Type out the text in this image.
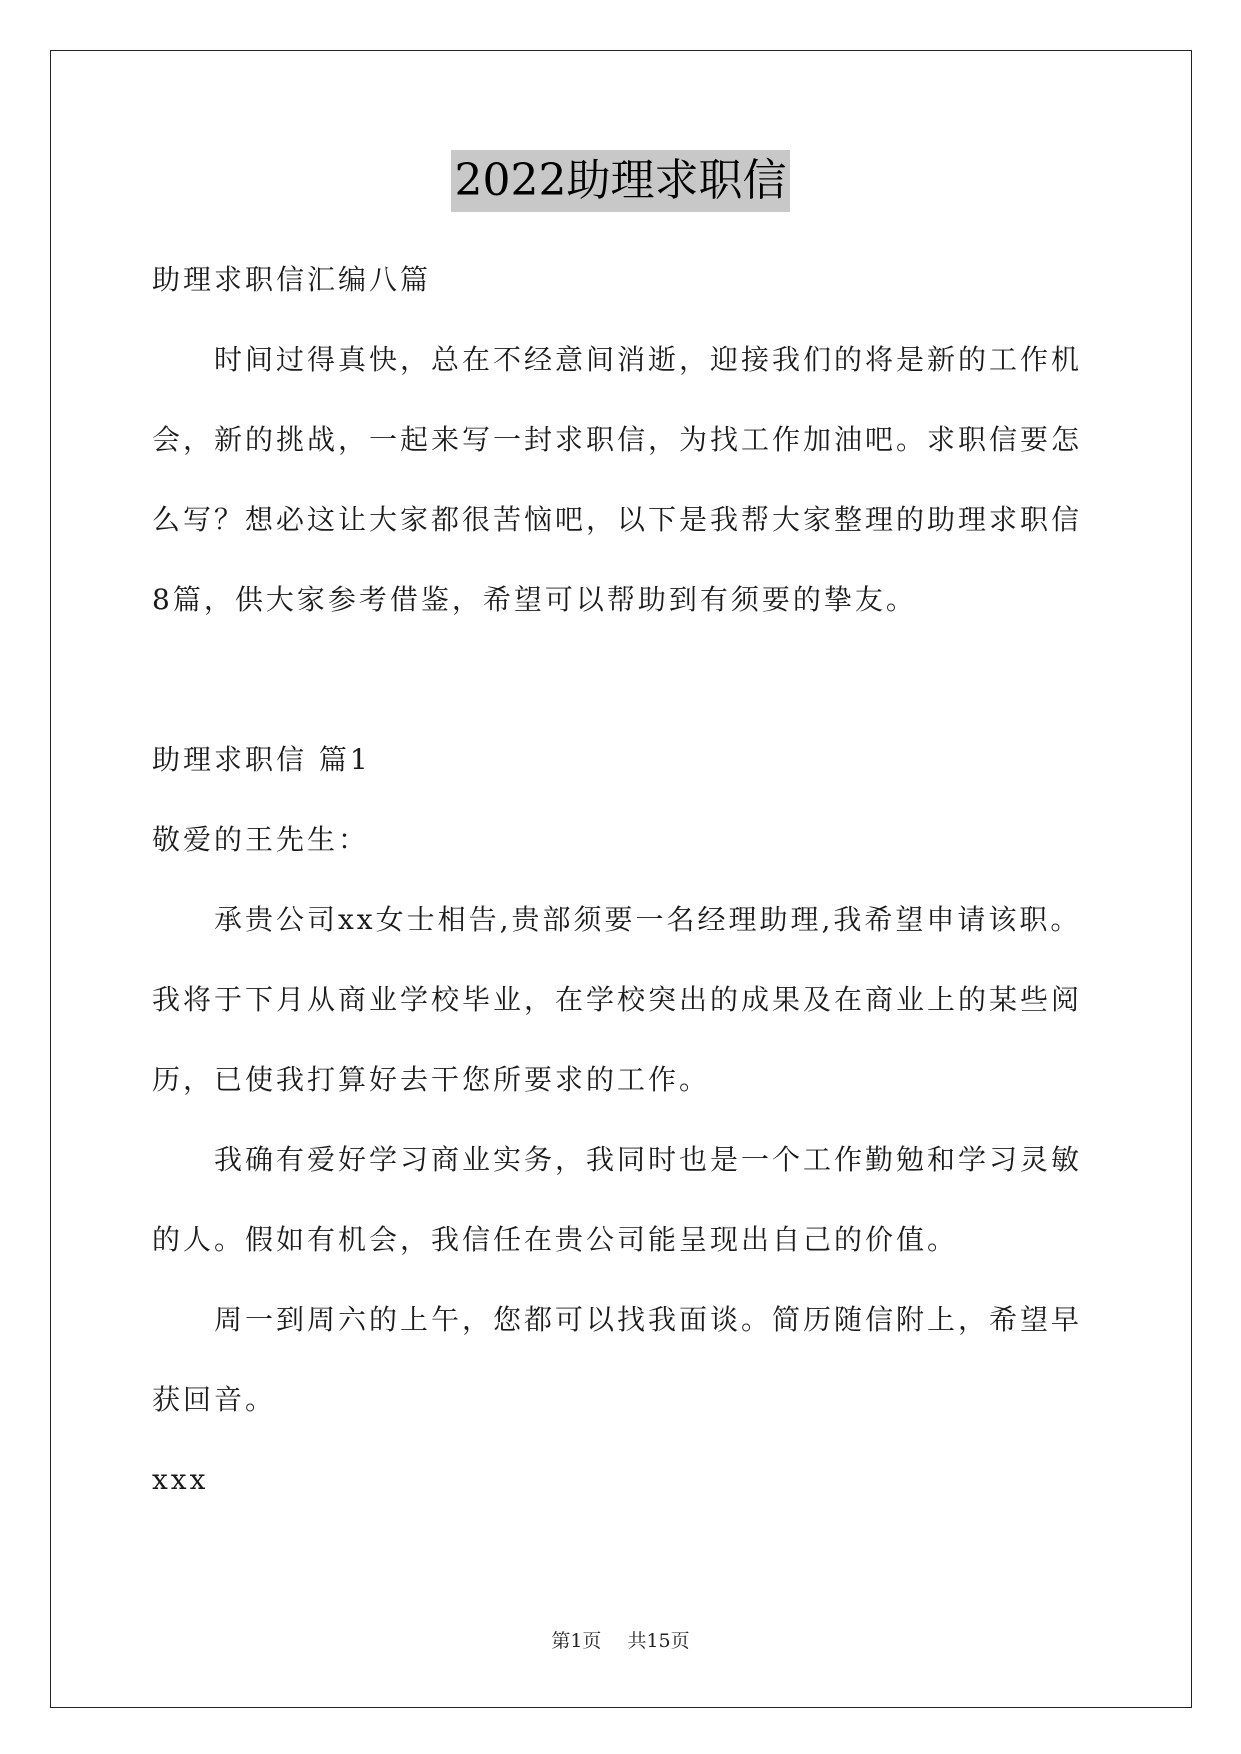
2022助理求职信
助理求职信汇编八篇
时间过得真快，总在不经意间消逝，迎接我们的将是新的工作机
会，新的挑战，一起来写一封求职信，为找工作加油吧。求职信要怎
么写？想必这让大家都很苦恼吧，以下是我帮大家整理的助理求职信
8篇，供大家参考借鉴，希望可以帮助到有须要的挚友。
助理求职信 篇1
敬爱的王先生：
承贵公司xx女士相告,贵部须要一名经理助理,我希望申请该职。
我将于下月从商业学校毕业，在学校突出的成果及在商业上的某些阅
历，已使我打算好去干您所要求的工作。
我确有爱好学习商业实务，我同时也是一个工作勤勉和学习灵敏
的人。假如有机会，我信任在贵公司能呈现出自己的价值。
周一到周六的上午，您都可以找我面谈。简历随信附上，希望早
获回音。
xxx
第1页 共15页
